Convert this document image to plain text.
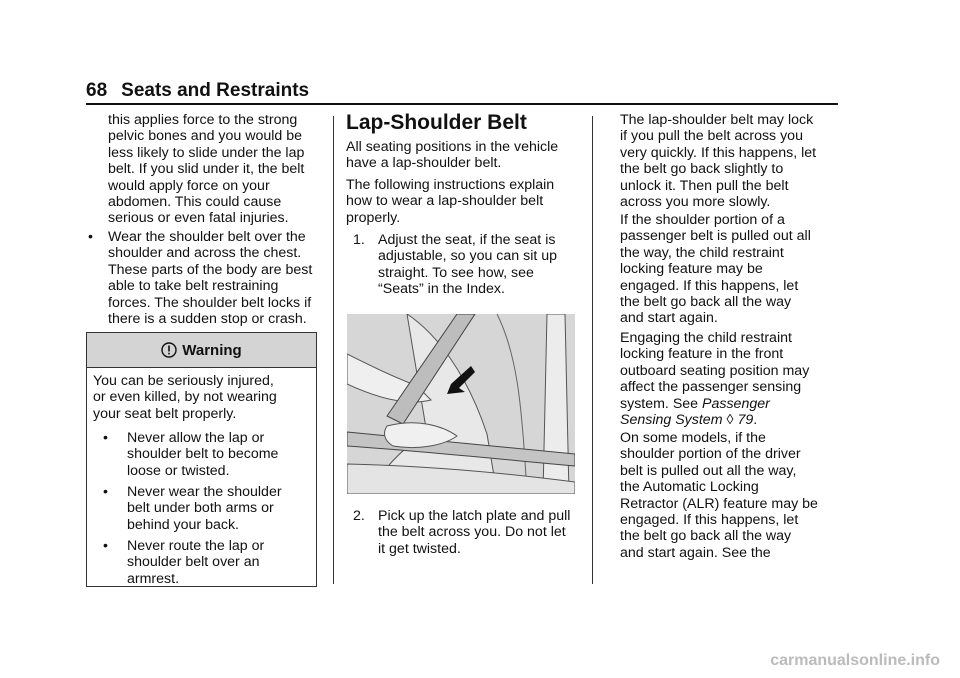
68 Seats and Restraints
this applies force to the strong
pelvic bones and you would be
less likely to slide under the lap
belt. If you slid under it, the belt
would apply force on your
abdomen. This could cause
serious or even fatal injuries.
• Wear the shoulder belt over the
shoulder and across the chest.
These parts of the body are best
able to take belt restraining
forces. The shoulder belt locks if
there is a sudden stop or crash.
Warning
You can be seriously injured,
or even killed, by not wearing
your seat belt properly.
• Never allow the lap or
shoulder belt to become
loose or twisted.
• Never wear the shoulder
belt under both arms or
behind your back.
• Never route the lap or
shoulder belt over an
armrest.
Lap-Shoulder Belt
All seating positions in the vehicle
have a lap-shoulder belt.
The following instructions explain
how to wear a lap-shoulder belt
properly.
1. Adjust the seat, if the seat is
adjustable, so you can sit up
straight. To see how, see
“Seats” in the Index.
2. Pick up the latch plate and pull
the belt across you. Do not let
it get twisted.
The lap-shoulder belt may lock
if you pull the belt across you
very quickly. If this happens, let
the belt go back slightly to
unlock it. Then pull the belt
across you more slowly.
If the shoulder portion of a
passenger belt is pulled out all
the way, the child restraint
locking feature may be
engaged. If this happens, let
the belt go back all the way
and start again.
Engaging the child restraint
locking feature in the front
outboard seating position may
affect the passenger sensing
system. See Passenger
Sensing System ◊ 79.
On some models, if the
shoulder portion of the driver
belt is pulled out all the way,
the Automatic Locking
Retractor (ALR) feature may be
engaged. If this happens, let
the belt go back all the way
and start again. See the
carmanualsonline.info
